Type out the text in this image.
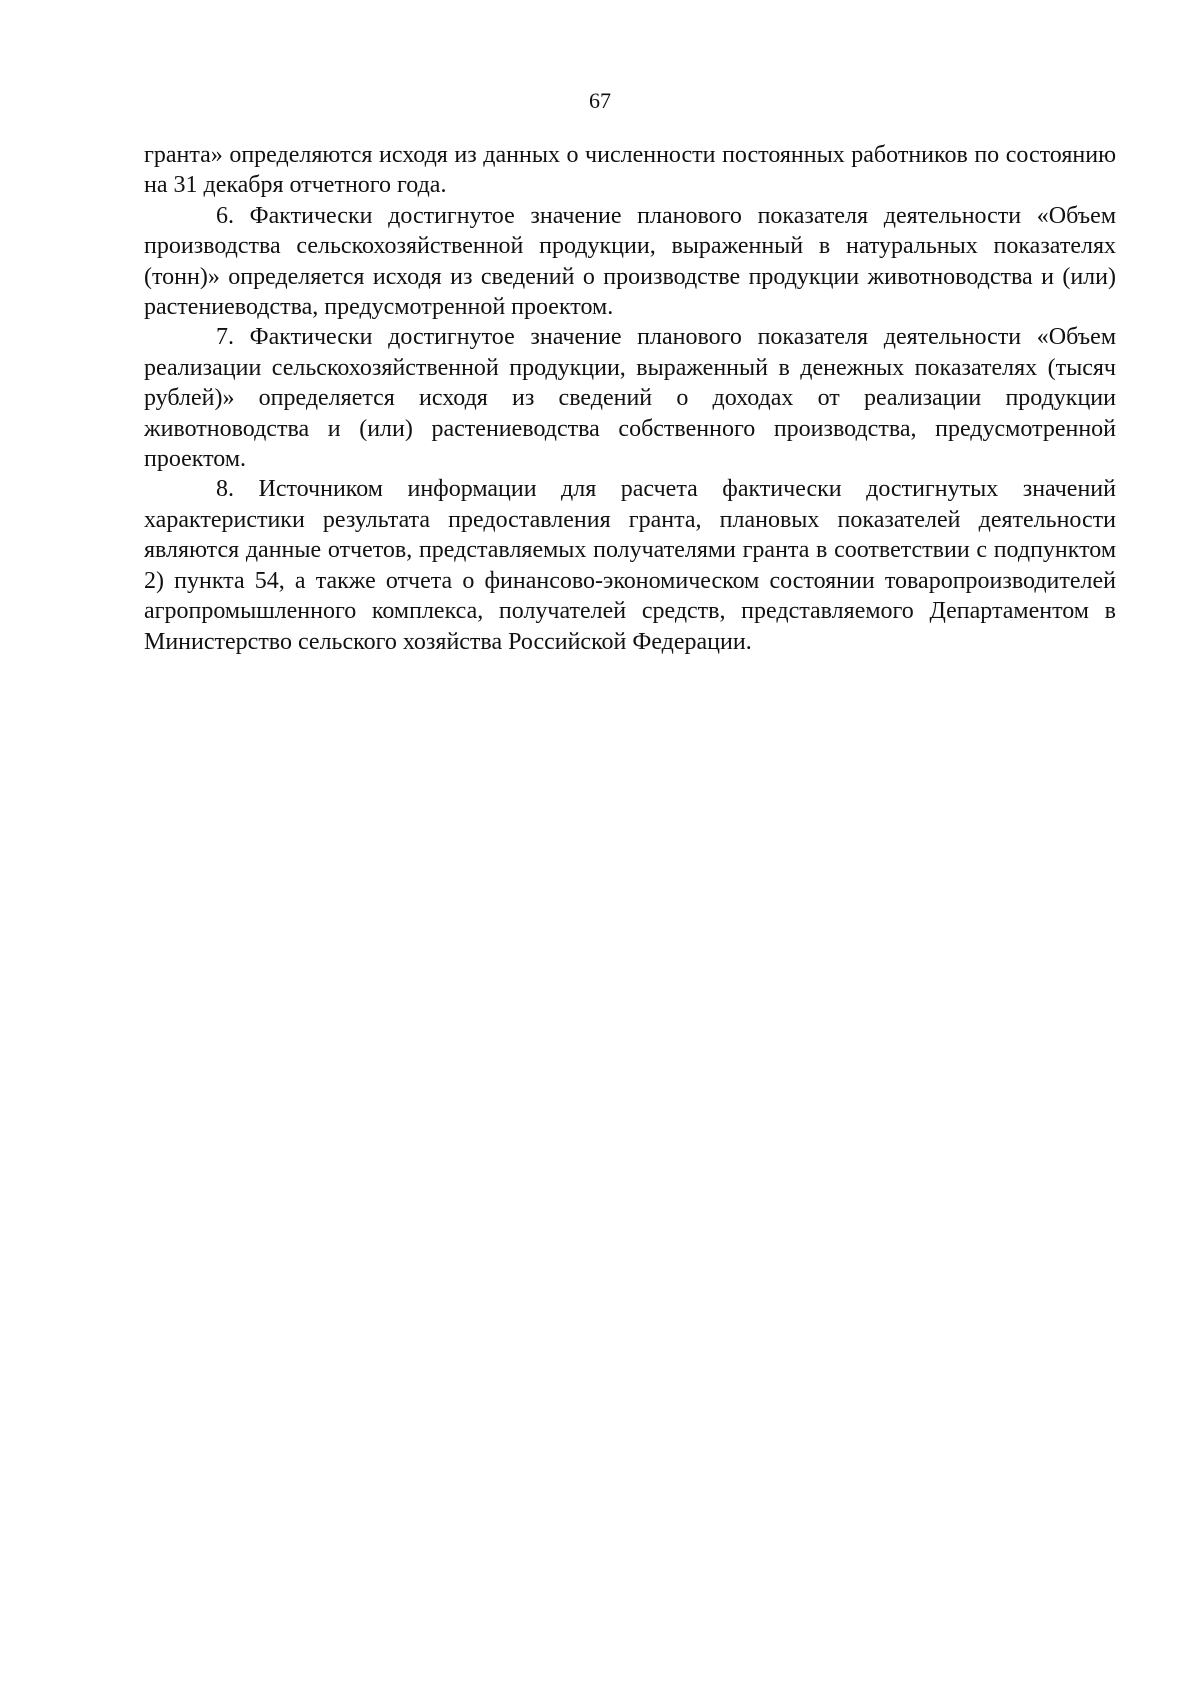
67

гранта» определяются исходя из данных о численности постоянных работников по состоянию на 31 декабря отчетного года.

6. Фактически достигнутое значение планового показателя деятельности «Объем производства сельскохозяйственной продукции, выраженный в натуральных показателях (тонн)» определяется исходя из сведений о производстве продукции животноводства и (или) растениеводства, предусмотренной проектом.

7. Фактически достигнутое значение планового показателя деятельности «Объем реализации сельскохозяйственной продукции, выраженный в денежных показателях (тысяч рублей)» определяется исходя из сведений о доходах от реализации продукции животноводства и (или) растениеводства собственного производства, предусмотренной проектом.

8. Источником информации для расчета фактически достигнутых значений характеристики результата предоставления гранта, плановых показателей деятельности являются данные отчетов, представляемых получателями гранта в соответствии с подпунктом 2) пункта 54, а также отчета о финансово-экономическом состоянии товаропроизводителей агропромышленного комплекса, получателей средств, представляемого Департаментом в Министерство сельского хозяйства Российской Федерации.
